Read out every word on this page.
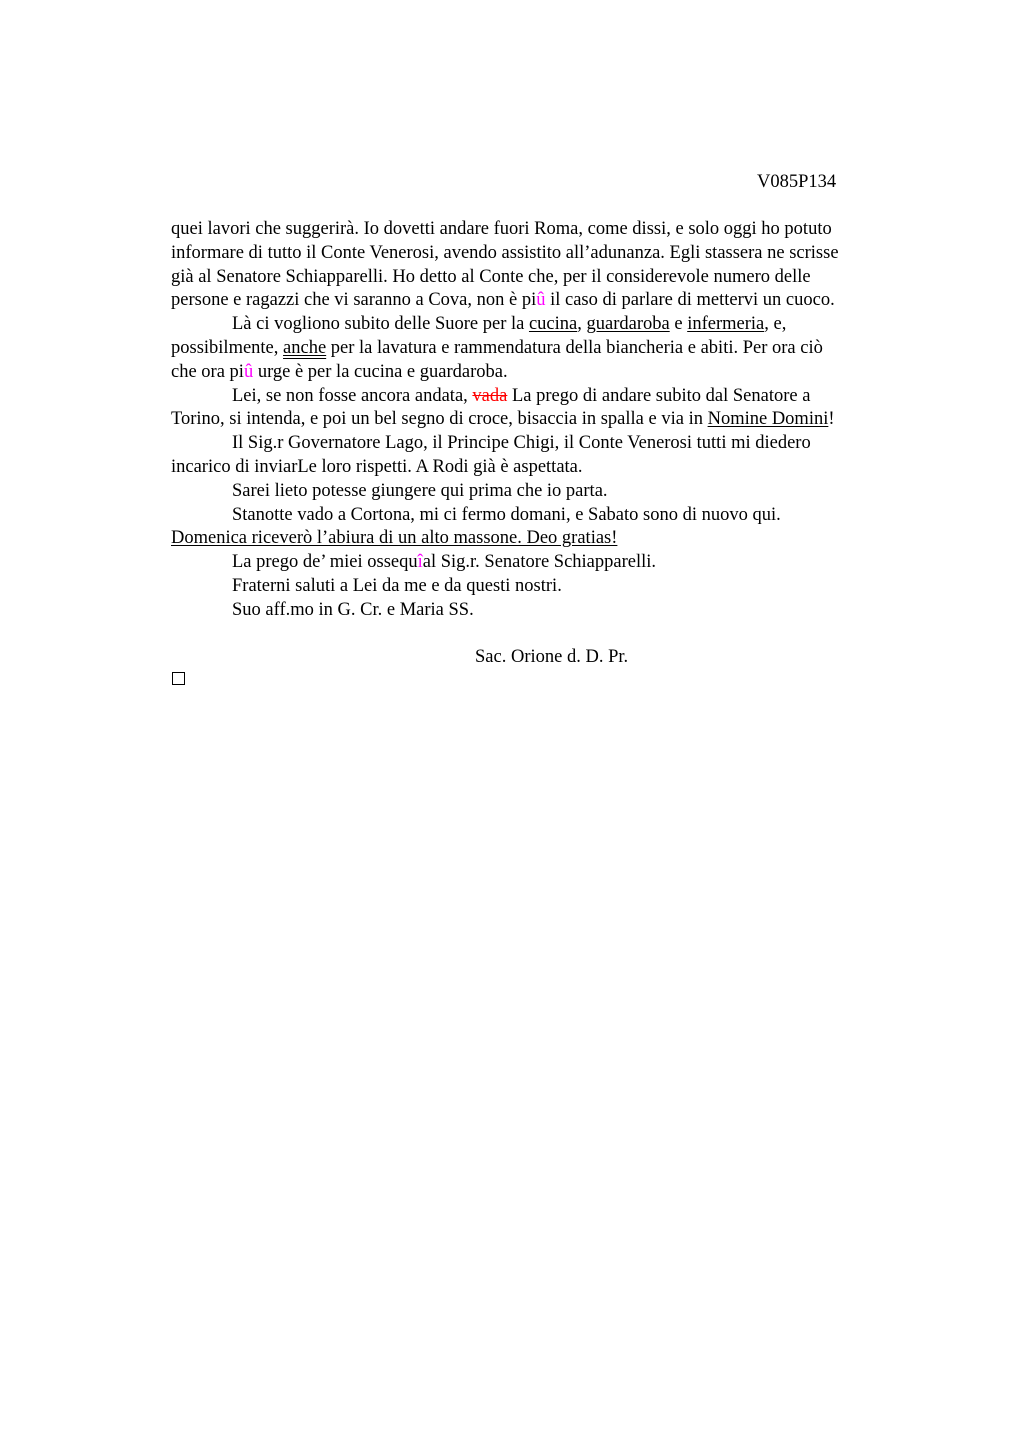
V085P134
quei lavori che suggerirà. Io dovetti andare fuori Roma, come dissi, e solo oggi ho potuto
informare di tutto il Conte Venerosi, avendo assistito all’adunanza. Egli stassera ne scrisse
già al Senatore Schiapparelli. Ho detto al Conte che, per il considerevole numero delle
persone e ragazzi che vi saranno a Cova, non è piû il caso di parlare di mettervi un cuoco.
Là ci vogliono subito delle Suore per la cucina, guardaroba e infermeria, e,
possibilmente, anche per la lavatura e rammendatura della biancheria e abiti. Per ora ciò
che ora piû urge è per la cucina e guardaroba.
Lei, se non fosse ancora andata, vada La prego di andare subito dal Senatore a
Torino, si intenda, e poi un bel segno di croce, bisaccia in spalla e via in Nomine Domini!
Il Sig.r Governatore Lago, il Principe Chigi, il Conte Venerosi tutti mi diedero
incarico di inviarLe loro rispetti. A Rodi già è aspettata.
Sarei lieto potesse giungere qui prima che io parta.
Stanotte vado a Cortona, mi ci fermo domani, e Sabato sono di nuovo qui.
Domenica riceverò l’abiura di un alto massone. Deo gratias!
La prego de’ miei ossequîal Sig.r. Senatore Schiapparelli.
Fraterni saluti a Lei da me e da questi nostri.
Suo aff.mo in G. Cr. e Maria SS.
Sac. Orione d. D. Pr.
